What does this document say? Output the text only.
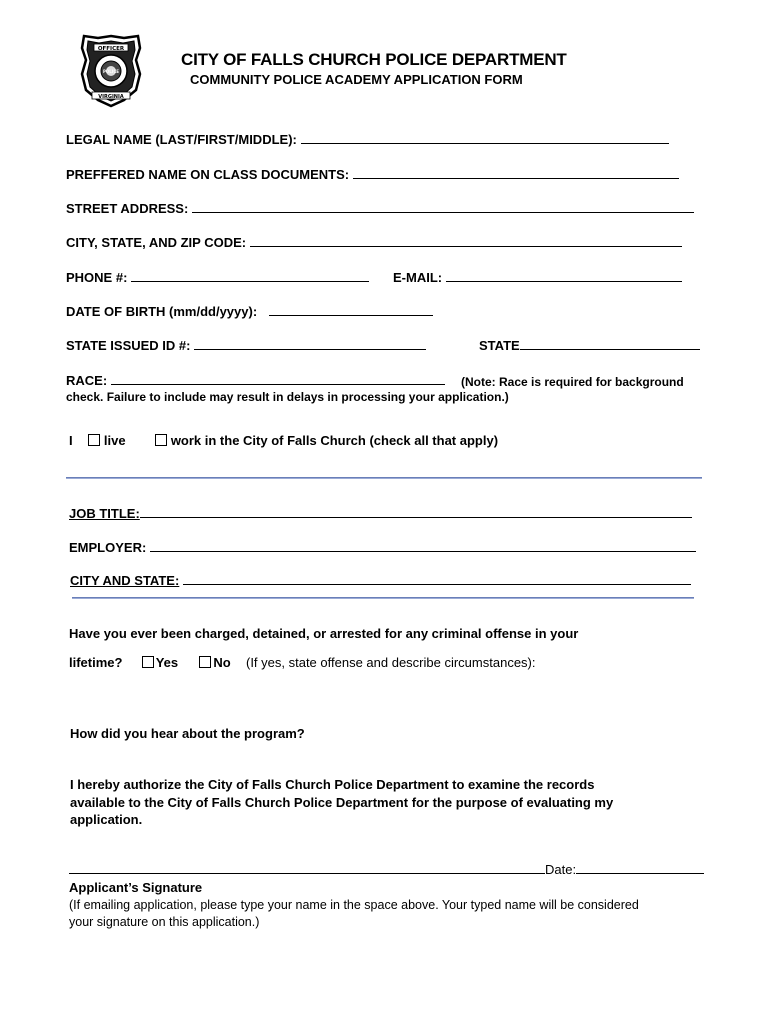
OFFICER
POLICE
VIRGINIA
CITY OF FALLS CHURCH POLICE DEPARTMENT
COMMUNITY POLICE ACADEMY APPLICATION FORM
LEGAL NAME (LAST/FIRST/MIDDLE):
PREFFERED NAME ON CLASS DOCUMENTS:
STREET ADDRESS:
CITY, STATE, AND ZIP CODE:
PHONE #:	E-MAIL:
DATE OF BIRTH (mm/dd/yyyy):
STATE ISSUED ID #:	STATE
RACE:	(Note: Race is required for background
check. Failure to include may result in delays in processing your application.)
I live	work in the City of Falls Church (check all that apply)
JOB TITLE:
EMPLOYER:
CITY AND STATE:
Have you ever been charged, detained, or arrested for any criminal offense in your
lifetime?	Yes	No (If yes, state offense and describe circumstances):
How did you hear about the program?
I hereby authorize the City of Falls Church Police Department to examine the records
available to the City of Falls Church Police Department for the purpose of evaluating my
application.
Date:
Applicant’s Signature
(If emailing application, please type your name in the space above. Your typed name will be considered
your signature on this application.)
